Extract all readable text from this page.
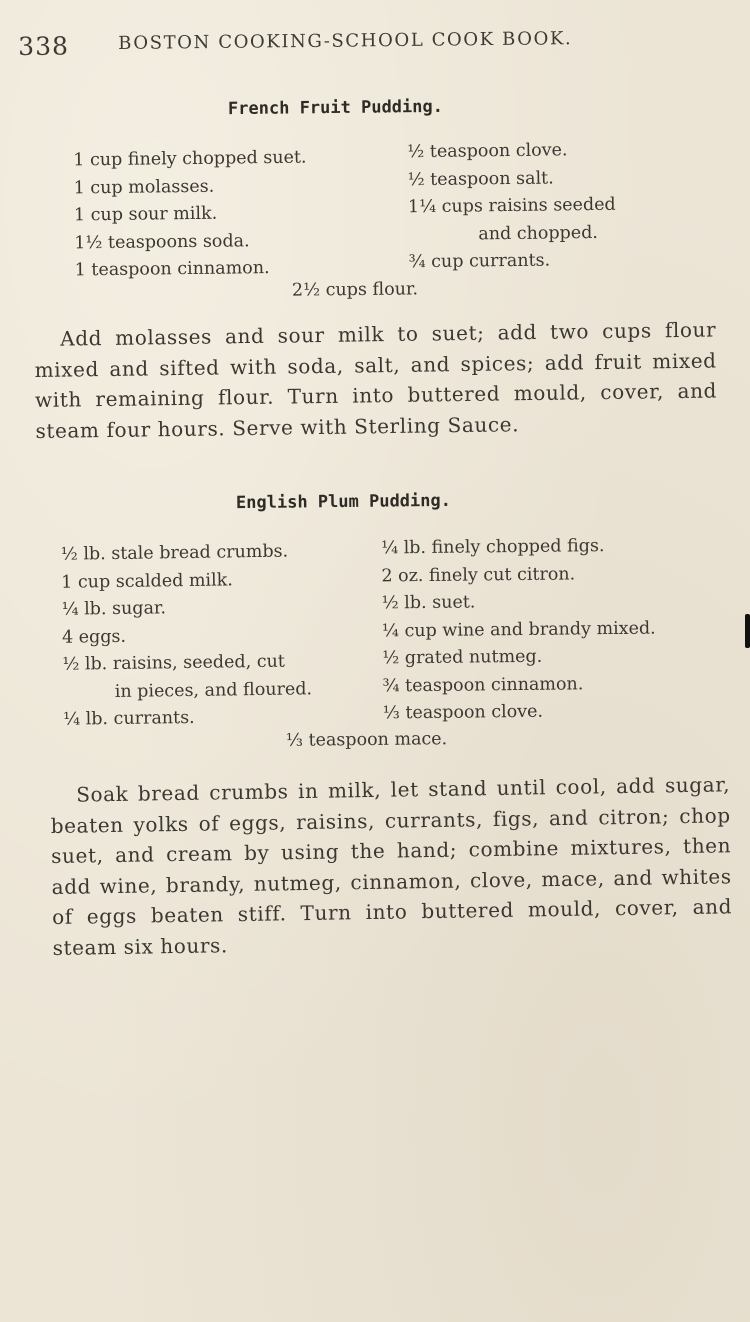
338	BOSTON COOKING-SCHOOL COOK BOOK.
French Fruit Pudding.
1 cup finely chopped suet.
1 cup molasses.
1 cup sour milk.
1½ teaspoons soda.
1 teaspoon cinnamon.
½ teaspoon clove.
½ teaspoon salt.
1¼ cups raisins seeded
and chopped.
¾ cup currants.
2½ cups flour.
Add molasses and sour milk to suet; add two cups flour mixed and sifted with soda, salt, and spices; add fruit mixed with remaining flour. Turn into buttered mould, cover, and steam four hours. Serve with Sterling Sauce.
English Plum Pudding.
½ lb. stale bread crumbs.
1 cup scalded milk.
¼ lb. sugar.
4 eggs.
½ lb. raisins, seeded, cut
in pieces, and floured.
¼ lb. currants.
¼ lb. finely chopped figs.
2 oz. finely cut citron.
½ lb. suet.
¼ cup wine and brandy mixed.
½ grated nutmeg.
¾ teaspoon cinnamon.
⅓ teaspoon clove.
⅓ teaspoon mace.
Soak bread crumbs in milk, let stand until cool, add sugar, beaten yolks of eggs, raisins, currants, figs, and citron; chop suet, and cream by using the hand; combine mixtures, then add wine, brandy, nutmeg, cinnamon, clove, mace, and whites of eggs beaten stiff. Turn into buttered mould, cover, and steam six hours.
